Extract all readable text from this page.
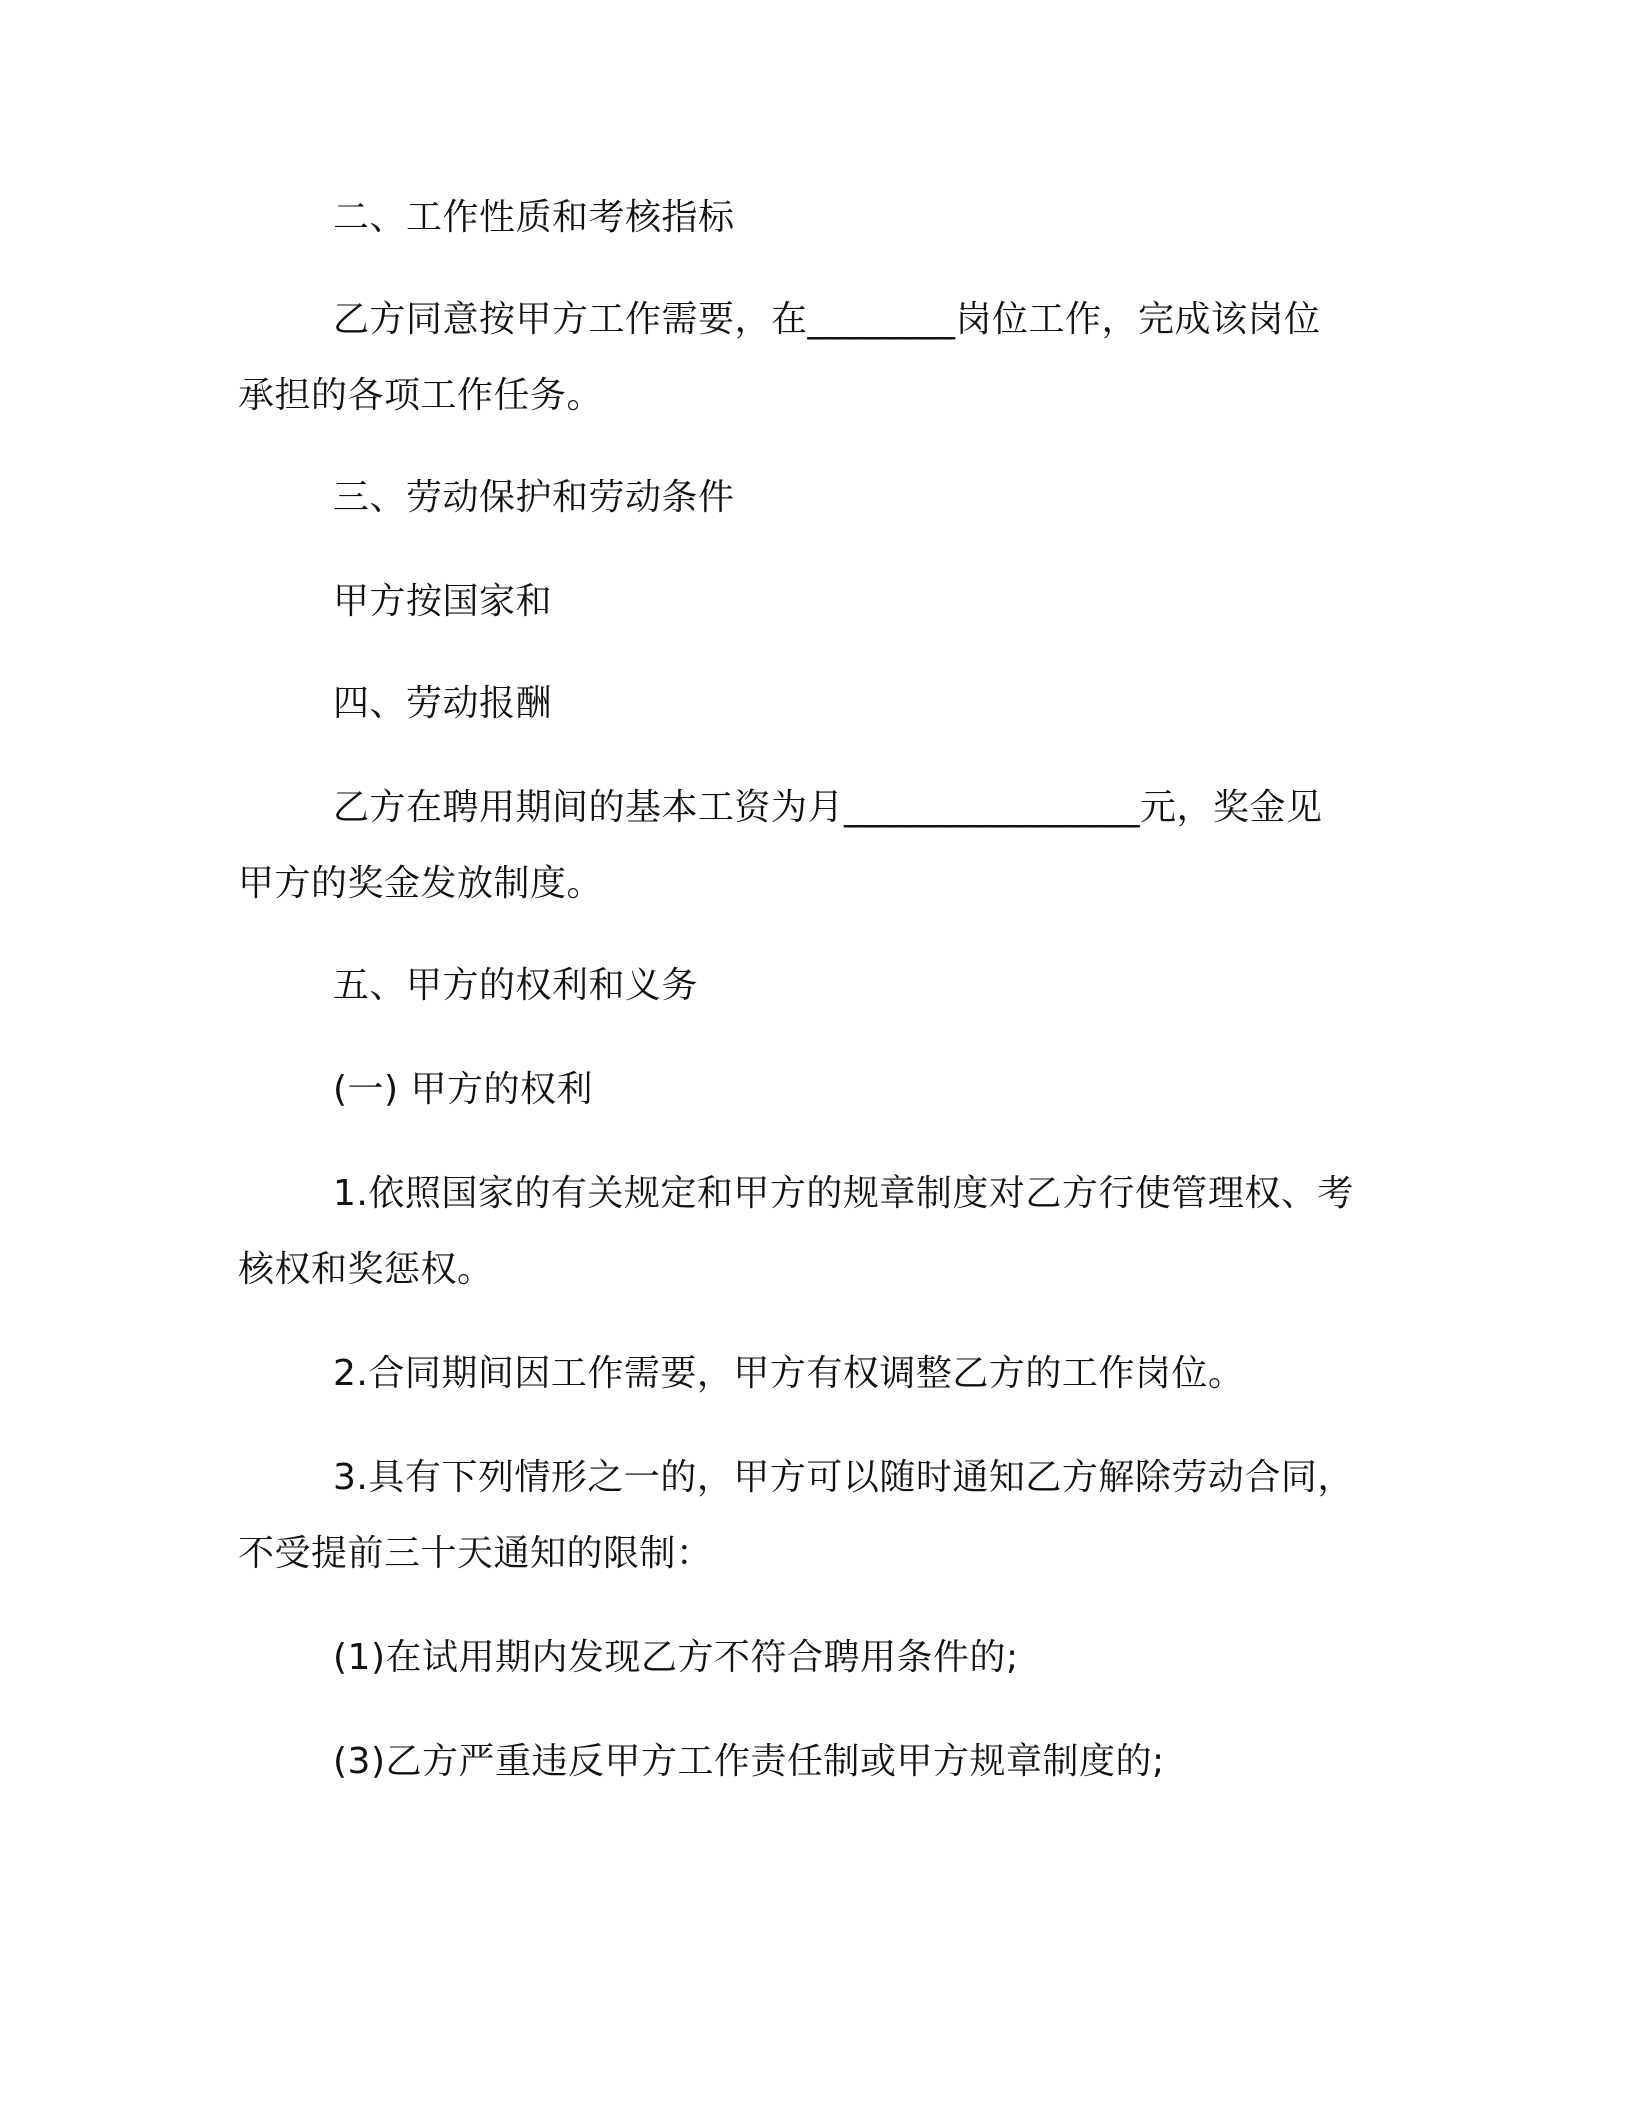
二、工作性质和考核指标
乙方同意按甲方工作需要，在________岗位工作，完成该岗位
承担的各项工作任务。
三、劳动保护和劳动条件
甲方按国家和
四、劳动报酬
乙方在聘用期间的基本工资为月________________元，奖金见
甲方的奖金发放制度。
五、甲方的权利和义务
(一) 甲方的权利
1.依照国家的有关规定和甲方的规章制度对乙方行使管理权、考
核权和奖惩权。
2.合同期间因工作需要，甲方有权调整乙方的工作岗位。
3.具有下列情形之一的，甲方可以随时通知乙方解除劳动合同，
不受提前三十天通知的限制：
(1)在试用期内发现乙方不符合聘用条件的;
(3)乙方严重违反甲方工作责任制或甲方规章制度的;
